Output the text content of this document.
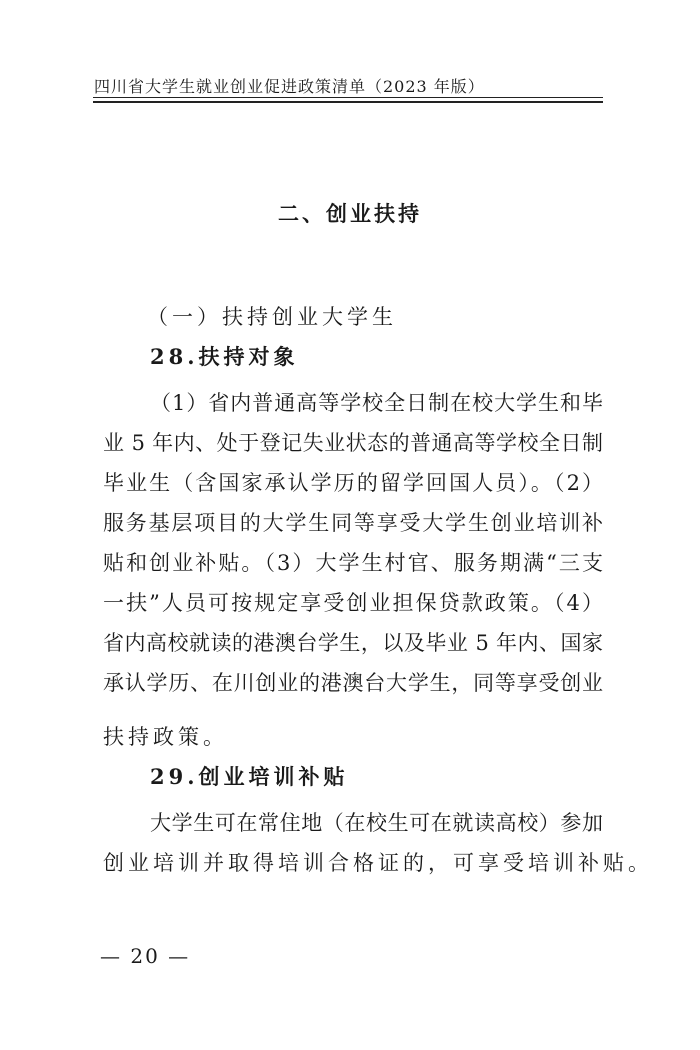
四川省大学生就业创业促进政策清单（2023 年版）
二、创业扶持
（一）扶持创业大学生
28.扶持对象
（1）省内普通高等学校全日制在校大学生和毕
业 5 年内、处于登记失业状态的普通高等学校全日制
毕业生（含国家承认学历的留学回国人员）。（2）
服务基层项目的大学生同等享受大学生创业培训补
贴和创业补贴。（3）大学生村官、服务期满“三支
一扶”人员可按规定享受创业担保贷款政策。（4）
省内高校就读的港澳台学生，以及毕业 5 年内、国家
承认学历、在川创业的港澳台大学生，同等享受创业
扶持政策。
29.创业培训补贴
大学生可在常住地（在校生可在就读高校）参加
创业培训并取得培训合格证的，可享受培训补贴。
— 20 —
